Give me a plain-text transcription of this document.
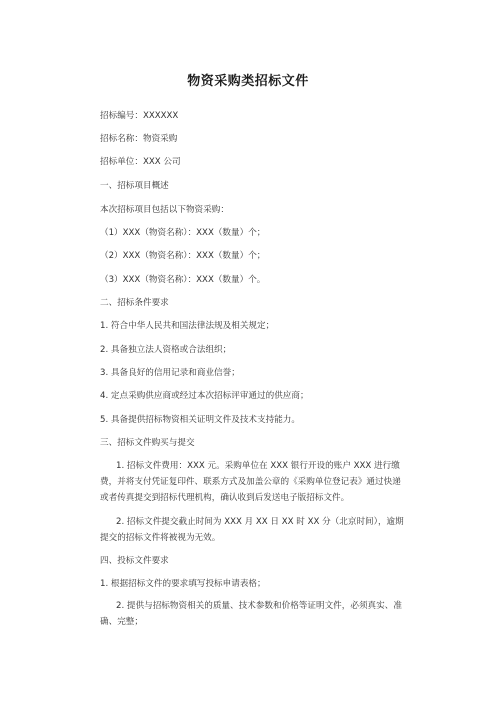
物资采购类招标文件
招标编号：XXXXXX
招标名称：物资采购
招标单位：XXX 公司
一、招标项目概述
本次招标项目包括以下物资采购：
（1）XXX（物资名称）：XXX（数量）个；
（2）XXX（物资名称）：XXX（数量）个；
（3）XXX（物资名称）：XXX（数量）个。
二、招标条件要求
1. 符合中华人民共和国法律法规及相关规定；
2. 具备独立法人资格或合法组织；
3. 具备良好的信用记录和商业信誉；
4. 定点采购供应商或经过本次招标评审通过的供应商；
5. 具备提供招标物资相关证明文件及技术支持能力。
三、招标文件购买与提交

1. 招标文件费用：XXX 元。采购单位在 XXX 银行开设的账户 XXX 进行缴费，并将支付凭证复印件、联系方式及加盖公章的《采购单位登记表》通过快递或者传真提交到招标代理机构，确认收到后发送电子版招标文件。

2. 招标文件提交截止时间为 XXX 月 XX 日 XX 时 XX 分（北京时间），逾期提交的招标文件将被视为无效。

四、投标文件要求
1. 根据招标文件的要求填写投标申请表格；

2. 提供与招标物资相关的质量、技术参数和价格等证明文件，必须真实、准确、完整；
